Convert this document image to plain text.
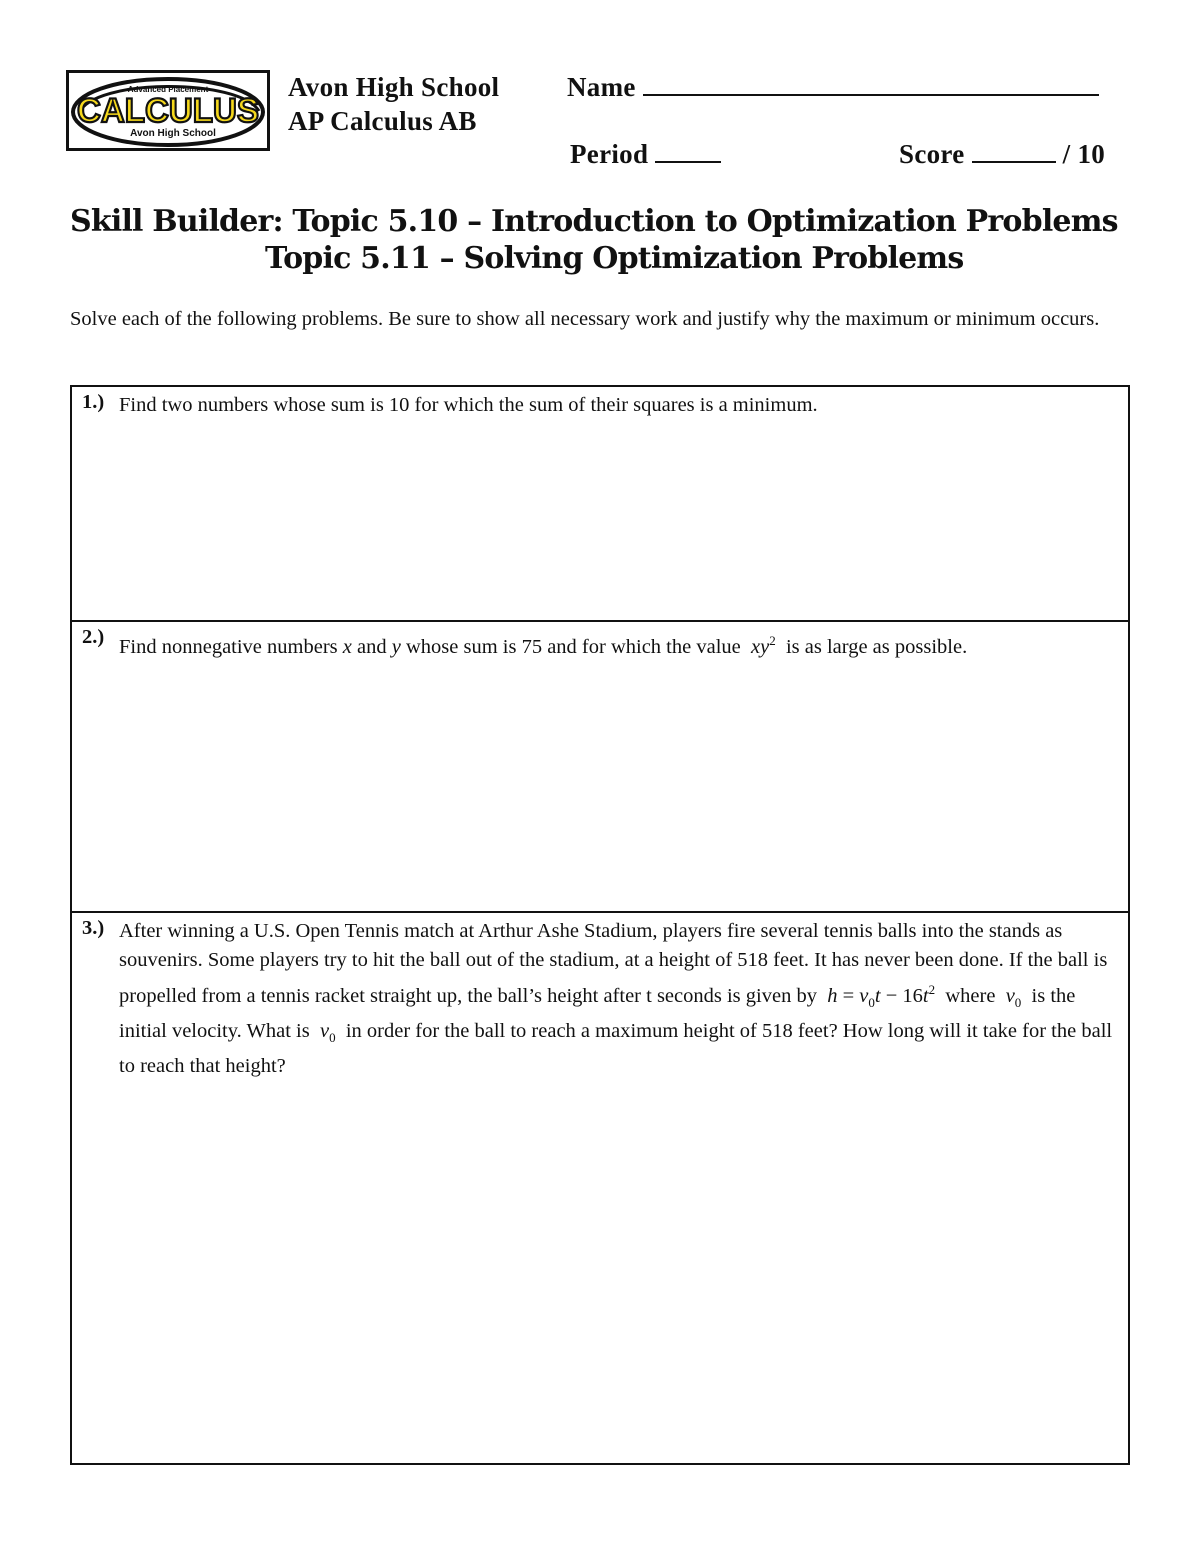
Advanced Placement
CALCULUS
Avon High School
Avon High School
AP Calculus AB
Name
Period	Score	/ 10
Skill Builder: Topic 5.10 – Introduction to Optimization Problems
Topic 5.11 – Solving Optimization Problems
Solve each of the following problems. Be sure to show all necessary work and justify why the maximum or minimum occurs.
1.) Find two numbers whose sum is 10 for which the sum of their squares is a minimum.
2.) Find nonnegative numbers x and y whose sum is 75 and for which the value $xy^2$ is as large as possible.
3.) After winning a U.S. Open Tennis match at Arthur Ashe Stadium, players fire several tennis balls into the stands as souvenirs. Some players try to hit the ball out of the stadium, at a height of 518 feet. It has never been done. If the ball is propelled from a tennis racket straight up, the ball’s height after t seconds is given by $h = v_0t - 16t^2$ where $v_0$ is the initial velocity. What is $v_0$ in order for the ball to reach a maximum height of 518 feet? How long will it take for the ball to reach that height?
